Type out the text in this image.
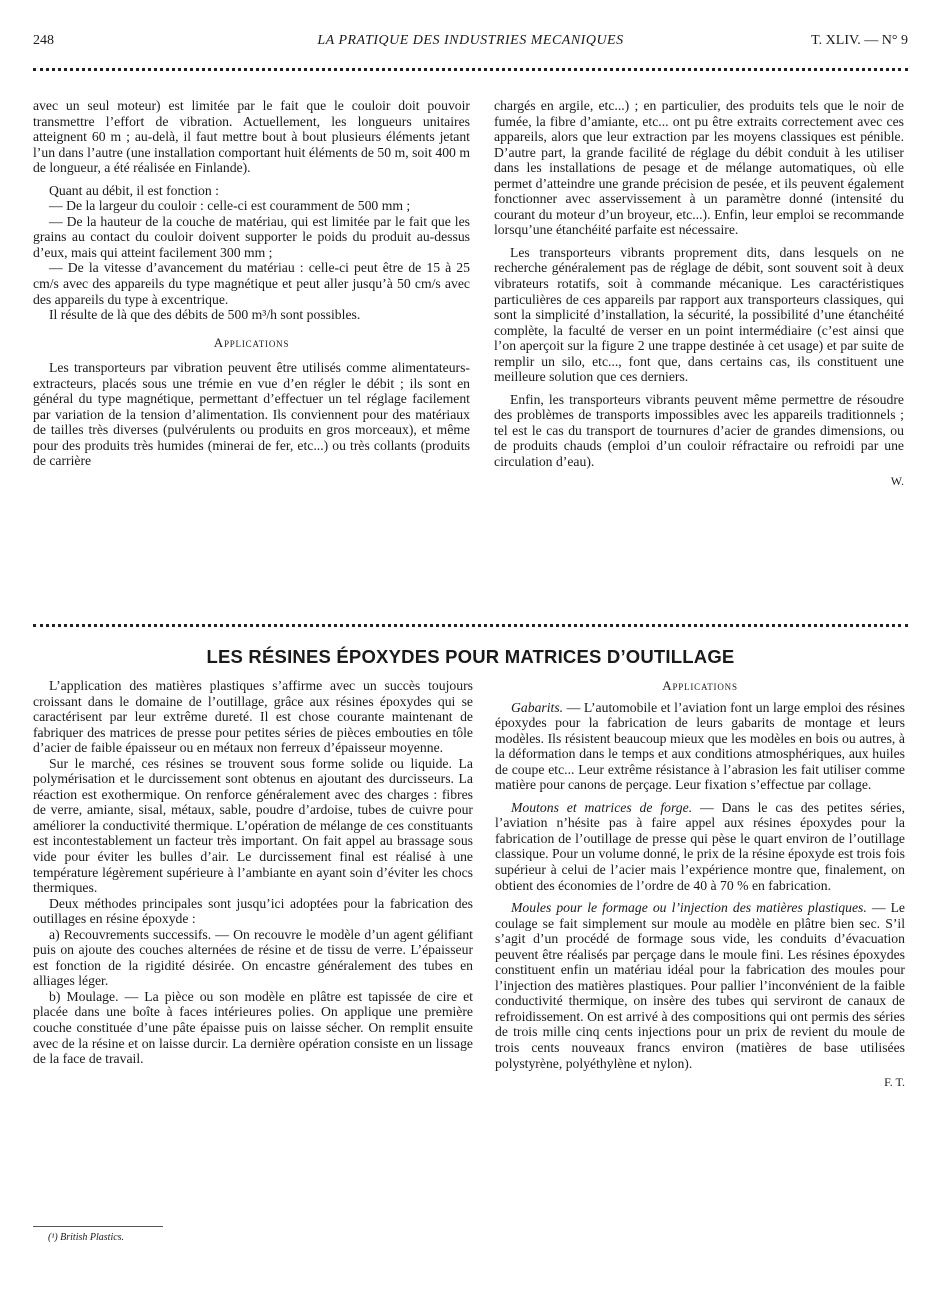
248	LA PRATIQUE DES INDUSTRIES MECANIQUES	T. XLIV. — N° 9

avec un seul moteur) est limitée par le fait que le couloir doit pouvoir transmettre l’effort de vibration. Actuellement, les longueurs unitaires atteignent 60 m ; au-delà, il faut mettre bout à bout plusieurs éléments jetant l’un dans l’autre (une installation comportant huit éléments de 50 m, soit 400 m de longueur, a été réalisée en Finlande).

Quant au débit, il est fonction :

— De la largeur du couloir : celle-ci est couramment de 500 mm ;

— De la hauteur de la couche de matériau, qui est limitée par le fait que les grains au contact du couloir doivent supporter le poids du produit au-dessus d’eux, mais qui atteint facilement 300 mm ;

— De la vitesse d’avancement du matériau : celle-ci peut être de 15 à 25 cm/s avec des appareils du type magnétique et peut aller jusqu’à 50 cm/s avec des appareils du type à excentrique.

Il résulte de là que des débits de 500 m³/h sont possibles.

Applications

Les transporteurs par vibration peuvent être utilisés comme alimentateurs-extracteurs, placés sous une trémie en vue d’en régler le débit ; ils sont en général du type magnétique, permettant d’effectuer un tel réglage facilement par variation de la tension d’alimentation. Ils conviennent pour des matériaux de tailles très diverses (pulvérulents ou produits en gros morceaux), et même pour des produits très humides (minerai de fer, etc...) ou très collants (produits de carrière

chargés en argile, etc...) ; en particulier, des produits tels que le noir de fumée, la fibre d’amiante, etc... ont pu être extraits correctement avec ces appareils, alors que leur extraction par les moyens classiques est pénible. D’autre part, la grande facilité de réglage du débit conduit à les utiliser dans les installations de pesage et de mélange automatiques, où elle permet d’atteindre une grande précision de pesée, et ils peuvent également fonctionner avec asservissement à un paramètre donné (intensité du courant du moteur d’un broyeur, etc...). Enfin, leur emploi se recommande lorsqu’une étanchéité parfaite est nécessaire.

Les transporteurs vibrants proprement dits, dans lesquels on ne recherche généralement pas de réglage de débit, sont souvent soit à deux vibrateurs rotatifs, soit à commande mécanique. Les caractéristiques particulières de ces appareils par rapport aux transporteurs classiques, qui sont la simplicité d’installation, la sécurité, la possibilité d’une étanchéité complète, la faculté de verser en un point intermédiaire (c’est ainsi que l’on aperçoit sur la figure 2 une trappe destinée à cet usage) et par suite de remplir un silo, etc..., font que, dans certains cas, ils constituent une meilleure solution que ces derniers.

Enfin, les transporteurs vibrants peuvent même permettre de résoudre des problèmes de transports impossibles avec les appareils traditionnels ; tel est le cas du transport de tournures d’acier de grandes dimensions, ou de produits chauds (emploi d’un couloir réfractaire ou refroidi par une circulation d’eau).

W.
LES RÉSINES ÉPOXYDES POUR MATRICES D’OUTILLAGE

L’application des matières plastiques s’affirme avec un succès toujours croissant dans le domaine de l’outillage, grâce aux résines époxydes qui se caractérisent par leur extrême dureté. Il est chose courante maintenant de fabriquer des matrices de presse pour petites séries de pièces embouties en tôle d’acier de faible épaisseur ou en métaux non ferreux d’épaisseur moyenne.

Sur le marché, ces résines se trouvent sous forme solide ou liquide. La polymérisation et le durcissement sont obtenus en ajoutant des durcisseurs. La réaction est exothermique. On renforce généralement avec des charges : fibres de verre, amiante, sisal, métaux, sable, poudre d’ardoise, tubes de cuivre pour améliorer la conductivité thermique. L’opération de mélange de ces constituants est incontestablement un facteur très important. On fait appel au brassage sous vide pour éviter les bulles d’air. Le durcissement final est réalisé à une température légèrement supérieure à l’ambiante en ayant soin d’éviter les chocs thermiques.

Deux méthodes principales sont jusqu’ici adoptées pour la fabrication des outillages en résine époxyde :

a) Recouvrements successifs. — On recouvre le modèle d’un agent gélifiant puis on ajoute des couches alternées de résine et de tissu de verre. L’épaisseur est fonction de la rigidité désirée. On encastre généralement des tubes en alliages léger.

b) Moulage. — La pièce ou son modèle en plâtre est tapissée de cire et placée dans une boîte à faces intérieures polies. On applique une première couche constituée d’une pâte épaisse puis on laisse sécher. On remplit ensuite avec de la résine et on laisse durcir. La dernière opération consiste en un lissage de la face de travail.

Applications

Gabarits. — L’automobile et l’aviation font un large emploi des résines époxydes pour la fabrication de leurs gabarits de montage et leurs modèles. Ils résistent beaucoup mieux que les modèles en bois ou autres, à la déformation dans le temps et aux conditions atmosphériques, aux huiles de coupe etc... Leur extrême résistance à l’abrasion les fait utiliser comme matière pour canons de perçage. Leur fixation s’effectue par collage.

Moutons et matrices de forge. — Dans le cas des petites séries, l’aviation n’hésite pas à faire appel aux résines époxydes pour la fabrication de l’outillage de presse qui pèse le quart environ de l’outillage classique. Pour un volume donné, le prix de la résine époxyde est trois fois supérieur à celui de l’acier mais l’expérience montre que, finalement, on obtient des économies de l’ordre de 40 à 70 % en fabrication.

Moules pour le formage ou l’injection des matières plastiques. — Le coulage se fait simplement sur moule au modèle en plâtre bien sec. S’il s’agit d’un procédé de formage sous vide, les conduits d’évacuation peuvent être réalisés par perçage dans le moule fini. Les résines époxydes constituent enfin un matériau idéal pour la fabrication des moules pour l’injection des matières plastiques. Pour pallier l’inconvénient de la faible conductivité thermique, on insère des tubes qui serviront de canaux de refroidissement. On est arrivé à des compositions qui ont permis des séries de trois mille cinq cents injections pour un prix de revient du moule de trois cents nouveaux francs environ (matières de base utilisées polystyrène, polyéthylène et nylon).

F. T.
(¹) British Plastics.
